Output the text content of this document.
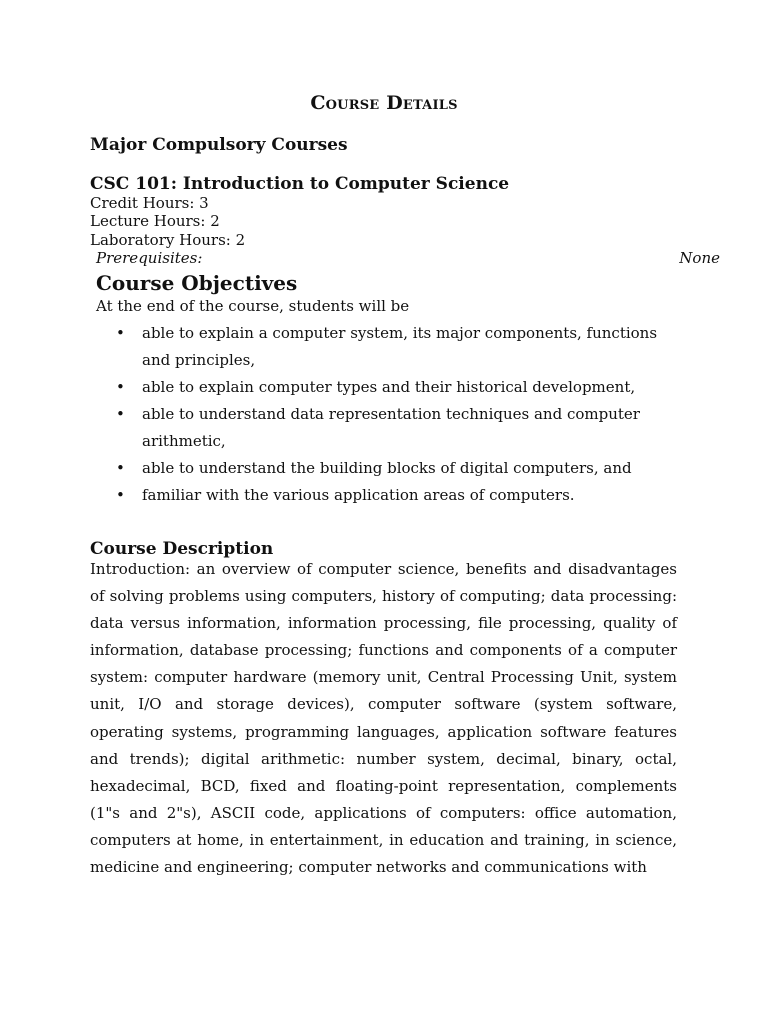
Course Details
Major Compulsory Courses
CSC 101: Introduction to Computer Science
Credit Hours: 3
Lecture Hours: 2
Laboratory Hours: 2
Prerequisites:	None
Course Objectives
At the end of the course, students will be
• able to explain a computer system, its major components, functions and principles,
• able to explain computer types and their historical development,
• able to understand data representation techniques and computer arithmetic,
• able to understand the building blocks of digital computers, and
• familiar with the various application areas of computers.
Course Description

Introduction: an overview of computer science, benefits and disadvantages of solving problems using computers, history of computing; data processing: data versus information, information processing, file processing, quality of information, database processing; functions and components of a computer system: computer hardware (memory unit, Central Processing Unit, system unit, I/O and storage devices), computer software (system software, operating systems, programming languages, application software features and trends); digital arithmetic: number system, decimal, binary, octal, hexadecimal, BCD, fixed and floating-point representation, complements (1"s and 2"s), ASCII code, applications of computers: office automation, computers at home, in entertainment, in education and training, in science, medicine and engineering; computer networks and communications with
